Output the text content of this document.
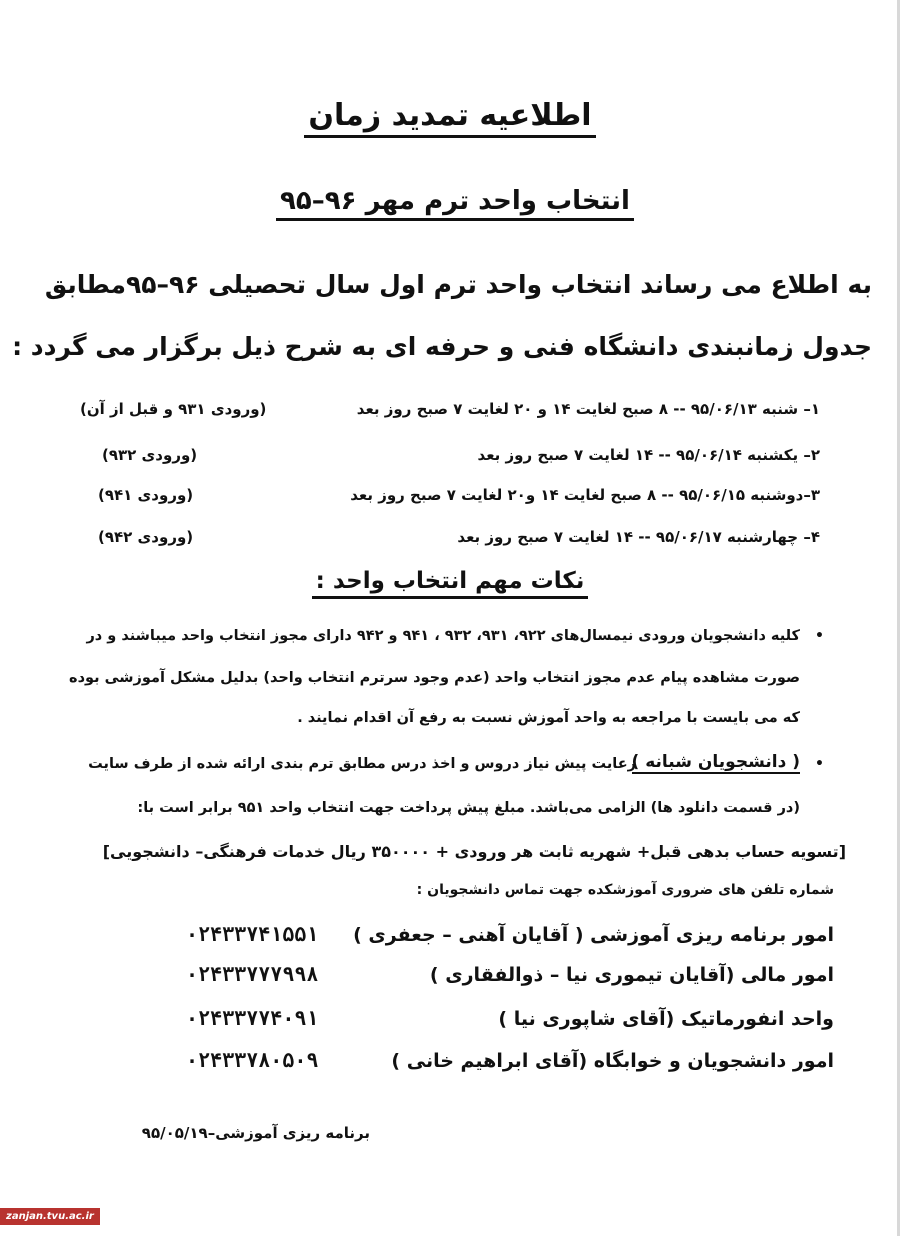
اطلاعیه تمدید زمان
انتخاب واحد ترم مهر ۹۶–۹۵
به اطلاع می رساند انتخاب واحد ترم اول سال تحصیلی ۹۶–۹۵مطابق
جدول زمانبندی دانشگاه فنی و حرفه ای به شرح ذیل برگزار می گردد :
۱– شنبه ۹۵/۰۶/۱۳ -- ۸ صبح لغایت ۱۴ و ۲۰ لغایت ۷ صبح روز بعد
(ورودی ۹۳۱ و قبل از آن)
۲– یکشنبه ۹۵/۰۶/۱۴ -- ۱۴ لغایت ۷ صبح روز بعد
(ورودی ۹۳۲)
۳–دوشنبه ۹۵/۰۶/۱۵ -- ۸ صبح لغایت ۱۴ و۲۰ لغایت ۷ صبح روز بعد
(ورودی ۹۴۱)
۴– چهارشنبه ۹۵/۰۶/۱۷ -- ۱۴ لغایت ۷ صبح روز بعد
(ورودی ۹۴۲)
نکات مهم انتخاب واحد :
•
کلیه دانشجویان ورودی نیمسال‌های ۹۲۲، ۹۳۱، ۹۳۲ ، ۹۴۱ و ۹۴۲ دارای مجوز انتخاب واحد میباشند و در
صورت مشاهده پیام عدم مجوز انتخاب واحد (عدم وجود سرترم انتخاب واحد) بدلیل مشکل آموزشی بوده
که می بایست با مراجعه به واحد آموزش نسبت به رفع آن اقدام نمایند .
•
( دانشجویان شبانه )
رعایت پیش نیاز دروس و اخذ درس مطابق ترم بندی ارائه شده از طرف سایت
(در قسمت دانلود ها) الزامی می‌باشد. مبلغ پیش پرداخت جهت انتخاب واحد ۹۵۱ برابر است با:
[تسویه حساب بدهی قبل+ شهریه ثابت هر ورودی + ۳۵۰۰۰۰ ریال خدمات فرهنگی– دانشجویی]
شماره تلفن های ضروری آموزشکده جهت تماس دانشجویان :
امور برنامه ریزی آموزشی ( آقایان آهنی – جعفری )
۰۲۴۳۳۷۴۱۵۵۱
امور مالی (آقایان تیموری نیا – ذوالفقاری )
۰۲۴۳۳۷۷۷۹۹۸
واحد انفورماتیک (آقای شاپوری نیا )
۰۲۴۳۳۷۷۴۰۹۱
امور دانشجویان و خوابگاه (آقای ابراهیم خانی )
۰۲۴۳۳۷۸۰۵۰۹
برنامه ریزی آموزشی–۹۵/۰۵/۱۹
zanjan.tvu.ac.ir
